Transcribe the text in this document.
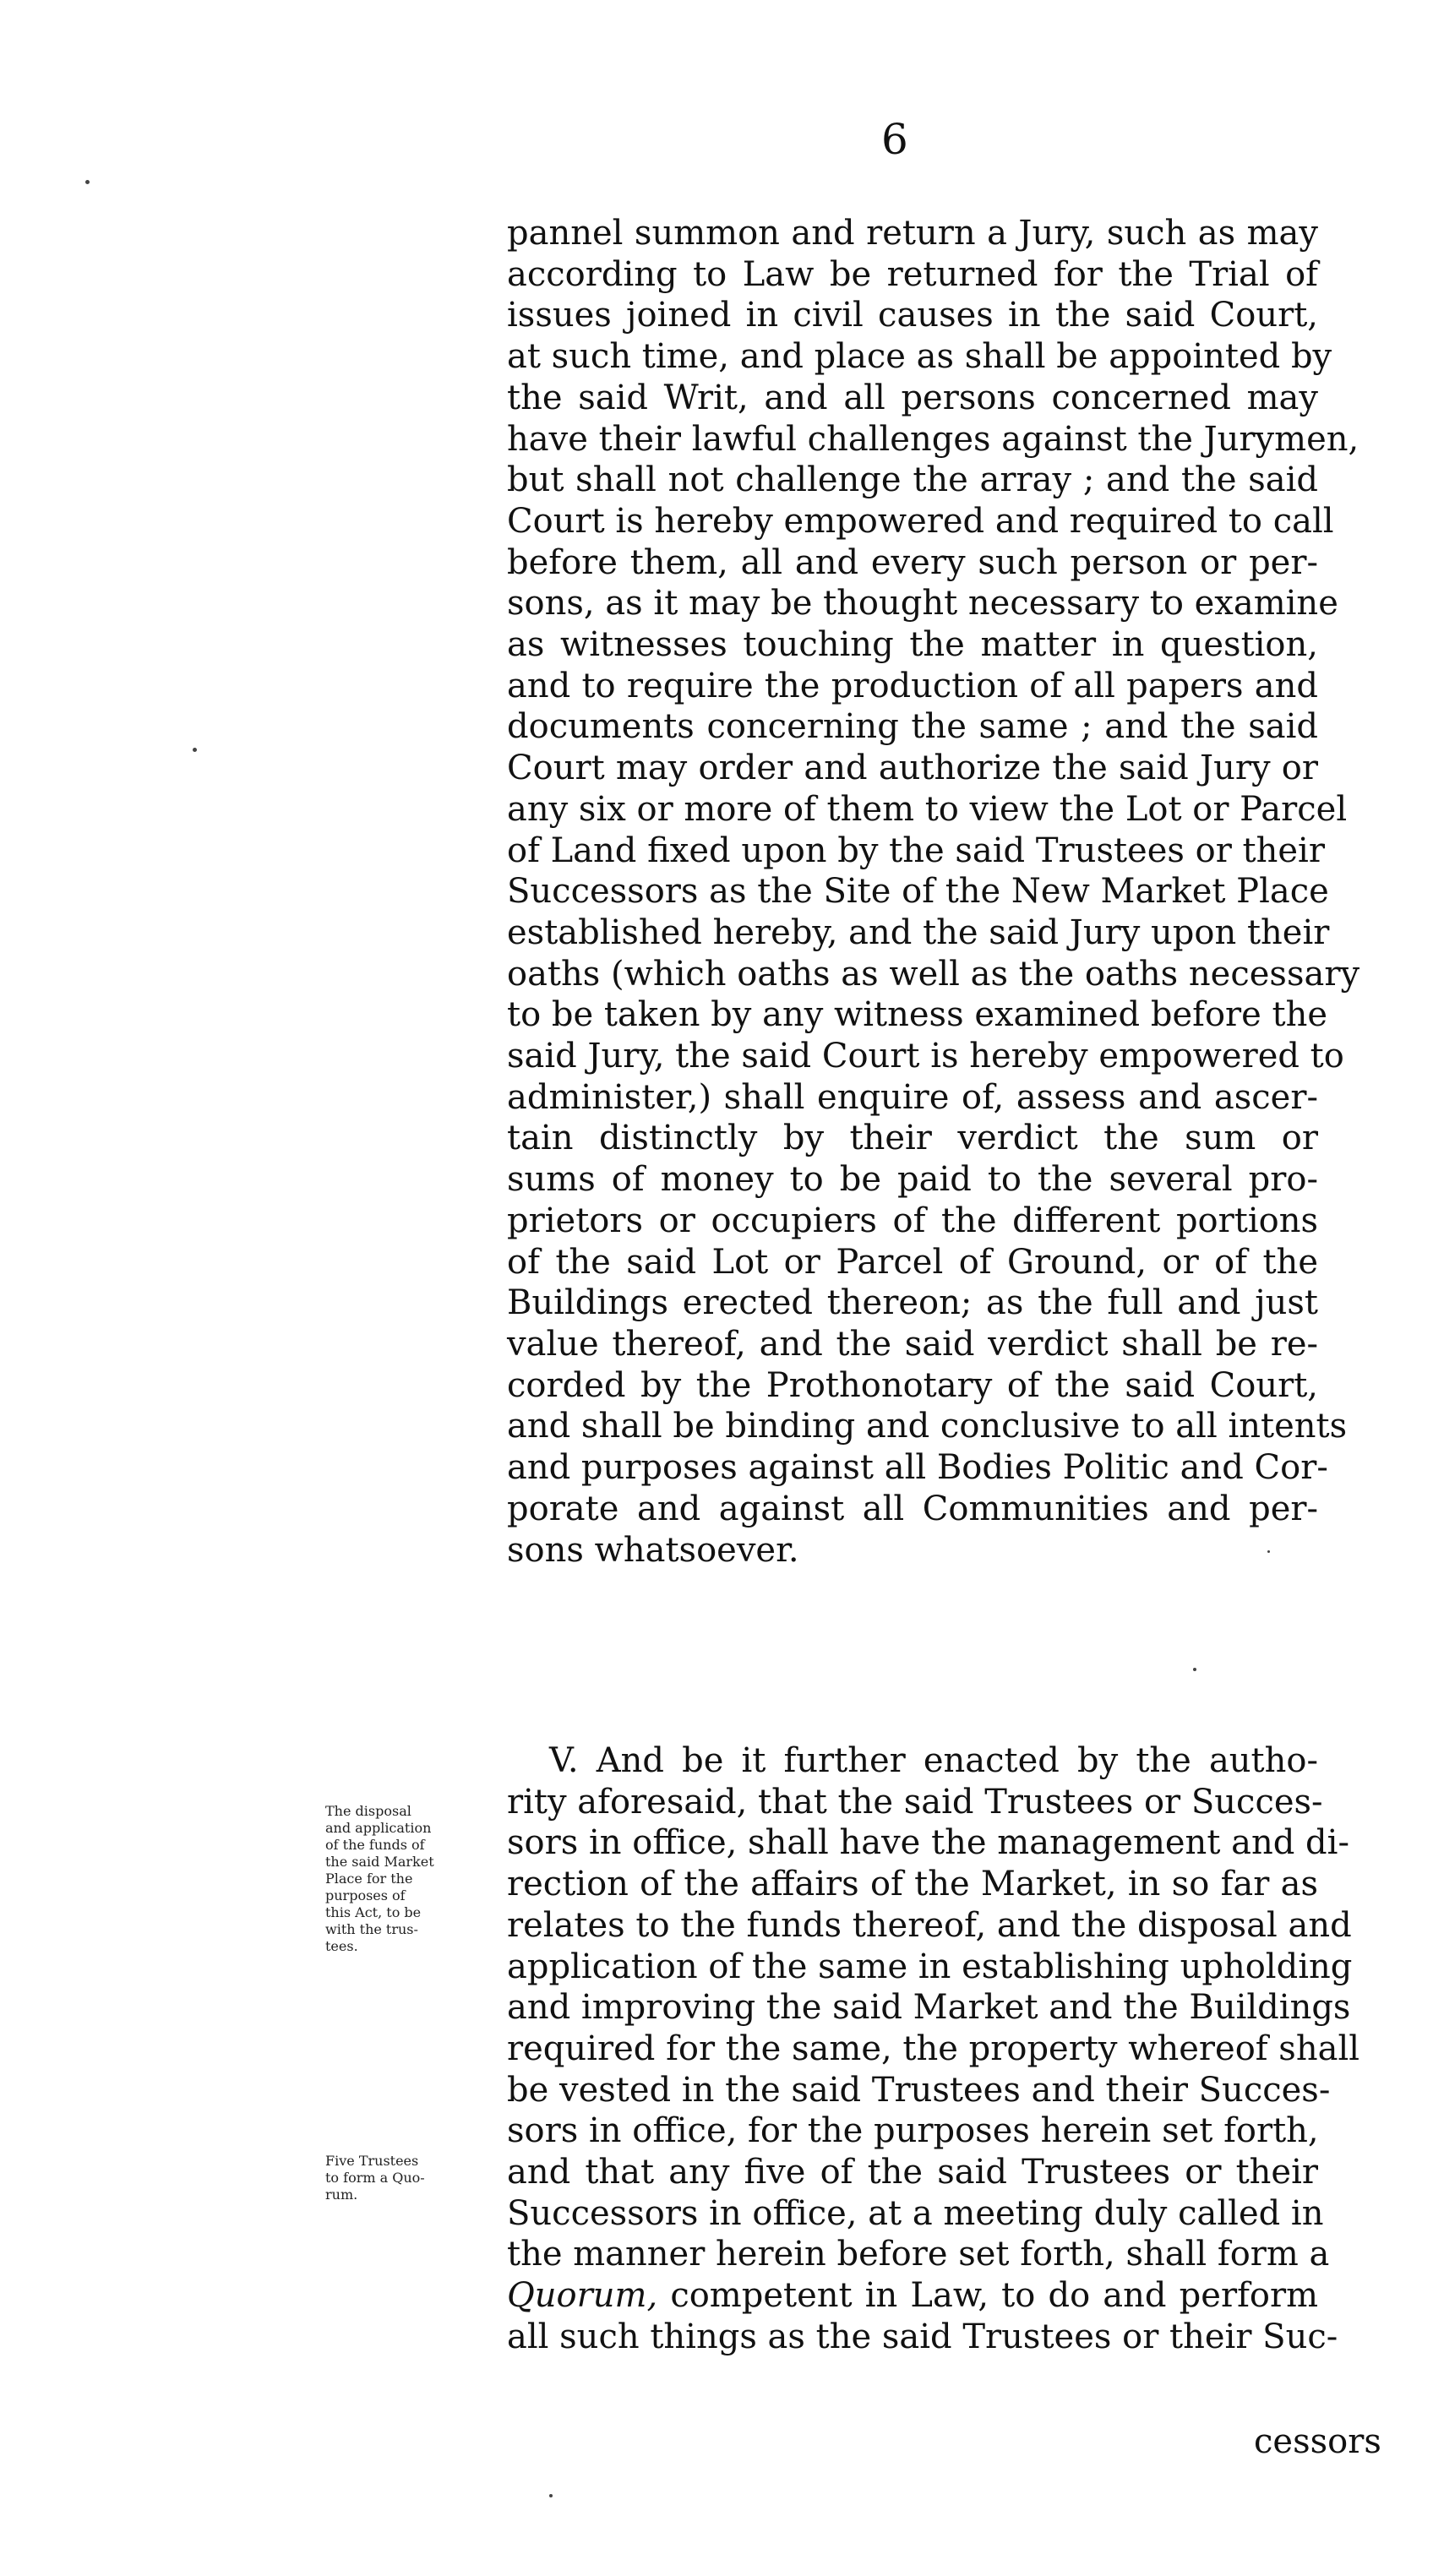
6
pannel summon and return a Jury, such as may
according to Law be returned for the Trial of
issues joined in civil causes in the said Court,
at such time, and place as shall be appointed by
the said Writ, and all persons concerned may
have their lawful challenges against the Jurymen,
but shall not challenge the array ; and the said
Court is hereby empowered and required to call
before them, all and every such person or per-
sons, as it may be thought necessary to examine
as witnesses touching the matter in question,
and to require the production of all papers and
documents concerning the same ; and the said
Court may order and authorize the said Jury or
any six or more of them to view the Lot or Parcel
of Land fixed upon by the said Trustees or their
Successors as the Site of the New Market Place
established hereby, and the said Jury upon their
oaths (which oaths as well as the oaths necessary
to be taken by any witness examined before the
said Jury, the said Court is hereby empowered to
administer,) shall enquire of, assess and ascer-
tain distinctly by their verdict the sum or
sums of money to be paid to the several pro-
prietors or occupiers of the different portions
of the said Lot or Parcel of Ground, or of the
Buildings erected thereon; as the full and just
value thereof, and the said verdict shall be re-
corded by the Prothonotary of the said Court,
and shall be binding and conclusive to all intents
and purposes against all Bodies Politic and Cor-
porate and against all Communities and per-
sons whatsoever.
The disposal
and application
of the funds of
the said Market
Place for the
purposes of
this Act, to be
with the trus-
tees.
Five Trustees
to form a Quo-
rum.
V. And be it further enacted by the autho-
rity aforesaid, that the said Trustees or Succes-
sors in office, shall have the management and di-
rection of the affairs of the Market, in so far as
relates to the funds thereof, and the disposal and
application of the same in establishing upholding
and improving the said Market and the Buildings
required for the same, the property whereof shall
be vested in the said Trustees and their Succes-
sors in office, for the purposes herein set forth,
and that any five of the said Trustees or their
Successors in office, at a meeting duly called in
the manner herein before set forth, shall form a
Quorum, competent in Law, to do and perform
all such things as the said Trustees or their Suc-
cessors
